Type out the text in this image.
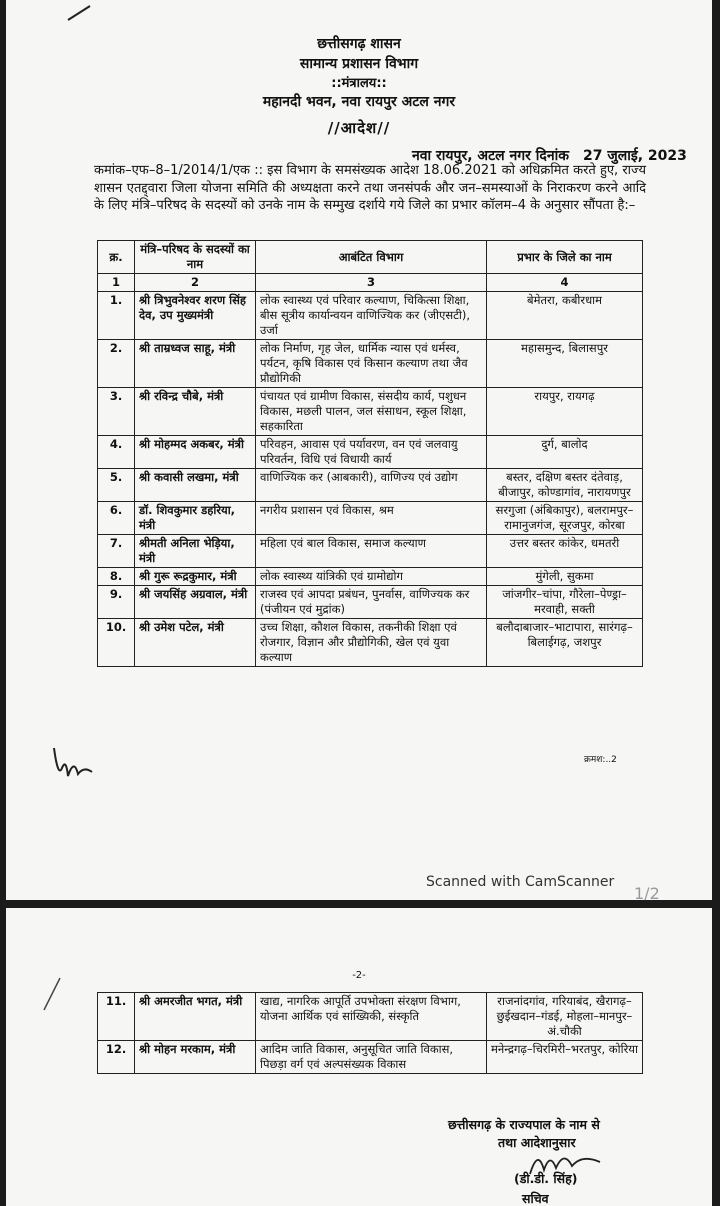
छत्तीसगढ़ शासन
सामान्य प्रशासन विभाग
::मंत्रालय::
महानदी भवन, नवा रायपुर अटल नगर
//आदेश//
नवा रायपुर, अटल नगर दिनांक 27 जुलाई, 2023
कमांक–एफ–8–1/2014/1/एक :: इस विभाग के समसंख्यक आदेश 18.06.2021 को अधिक्रमित करते हुए, राज्य शासन एतद्द्वारा जिला योजना समिति की अध्यक्षता करने तथा जनसंपर्क और जन–समस्याओं के निराकरण करने आदि के लिए मंत्रि–परिषद के सदस्यों को उनके नाम के सम्मुख दर्शाये गये जिले का प्रभार कॉलम–4 के अनुसार सौंपता है:–
क्र.	मंत्रि–परिषद के सदस्यों का नाम	आबंटित विभाग	प्रभार के जिले का नाम
1	2	3	4
1.	श्री त्रिभुवनेश्वर शरण सिंह देव, उप मुख्यमंत्री	लोक स्वास्थ्य एवं परिवार कल्याण, चिकित्सा शिक्षा, बीस सूत्रीय कार्यान्वयन वाणिज्यिक कर (जीएसटी), उर्जा	बेमेतरा, कबीरधाम
2.	श्री ताम्रध्वज साहू, मंत्री	लोक निर्माण, गृह जेल, धार्मिक न्यास एवं धर्मस्व, पर्यटन, कृषि विकास एवं किसान कल्याण तथा जैव प्रौद्योगिकी	महासमुन्द, बिलासपुर
3.	श्री रविन्द्र चौबे, मंत्री	पंचायत एवं ग्रामीण विकास, संसदीय कार्य, पशुधन विकास, मछली पालन, जल संसाधन, स्कूल शिक्षा, सहकारिता	रायपुर, रायगढ़
4.	श्री मोहम्मद अकबर, मंत्री	परिवहन, आवास एवं पर्यावरण, वन एवं जलवायु परिवर्तन, विधि एवं विधायी कार्य	दुर्ग, बालोद
5.	श्री कवासी लखमा, मंत्री	वाणिज्यिक कर (आबकारी), वाणिज्य एवं उद्योग	बस्तर, दक्षिण बस्तर दंतेवाड़, बीजापुर, कोण्डागांव, नारायणपुर
6.	डॉ. शिवकुमार डहरिया, मंत्री	नगरीय प्रशासन एवं विकास, श्रम	सरगुजा (अंबिकापुर), बलरामपुर–रामानुजगंज, सूरजपुर, कोरबा
7.	श्रीमती अनिला भेड़िया, मंत्री	महिला एवं बाल विकास, समाज कल्याण	उत्तर बस्तर कांकेर, धमतरी
8.	श्री गुरू रूद्रकुमार, मंत्री	लोक स्वास्थ्य यांत्रिकी एवं ग्रामोद्योग	मुंगेली, सुकमा
9.	श्री जयसिंह अग्रवाल, मंत्री	राजस्व एवं आपदा प्रबंधन, पुनर्वास, वाणिज्यक कर (पंजीयन एवं मुद्रांक)	जांजगीर–चांपा, गौरेला–पेण्ड्रा–मरवाही, सक्ती
10.	श्री उमेश पटेल, मंत्री	उच्च शिक्षा, कौशल विकास, तकनीकी शिक्षा एवं रोजगार, विज्ञान और प्रौद्योगिकी, खेल एवं युवा कल्याण	बलौदाबाजार–भाटापारा, सारंगढ़–बिलाईगढ़, जशपुर
क्रमश:..2
Scanned with CamScanner
1/2
-2-
11.	श्री अमरजीत भगत, मंत्री	खाद्य, नागरिक आपूर्ति उपभोक्ता संरक्षण विभाग, योजना आर्थिक एवं सांख्यिकी, संस्कृति	राजनांदगांव, गरियाबंद, खैरागढ़–छुईखदान–गंडई, मोहला–मानपुर–अं.चौकी
12.	श्री मोहन मरकाम, मंत्री	आदिम जाति विकास, अनुसूचित जाति विकास, पिछड़ा वर्ग एवं अल्पसंख्यक विकास	मनेन्द्रगढ़–चिरमिरी–भरतपुर, कोरिया
छत्तीसगढ़ के राज्यपाल के नाम से
तथा आदेशानुसार
(डी.डी. सिंह)
सचिव
